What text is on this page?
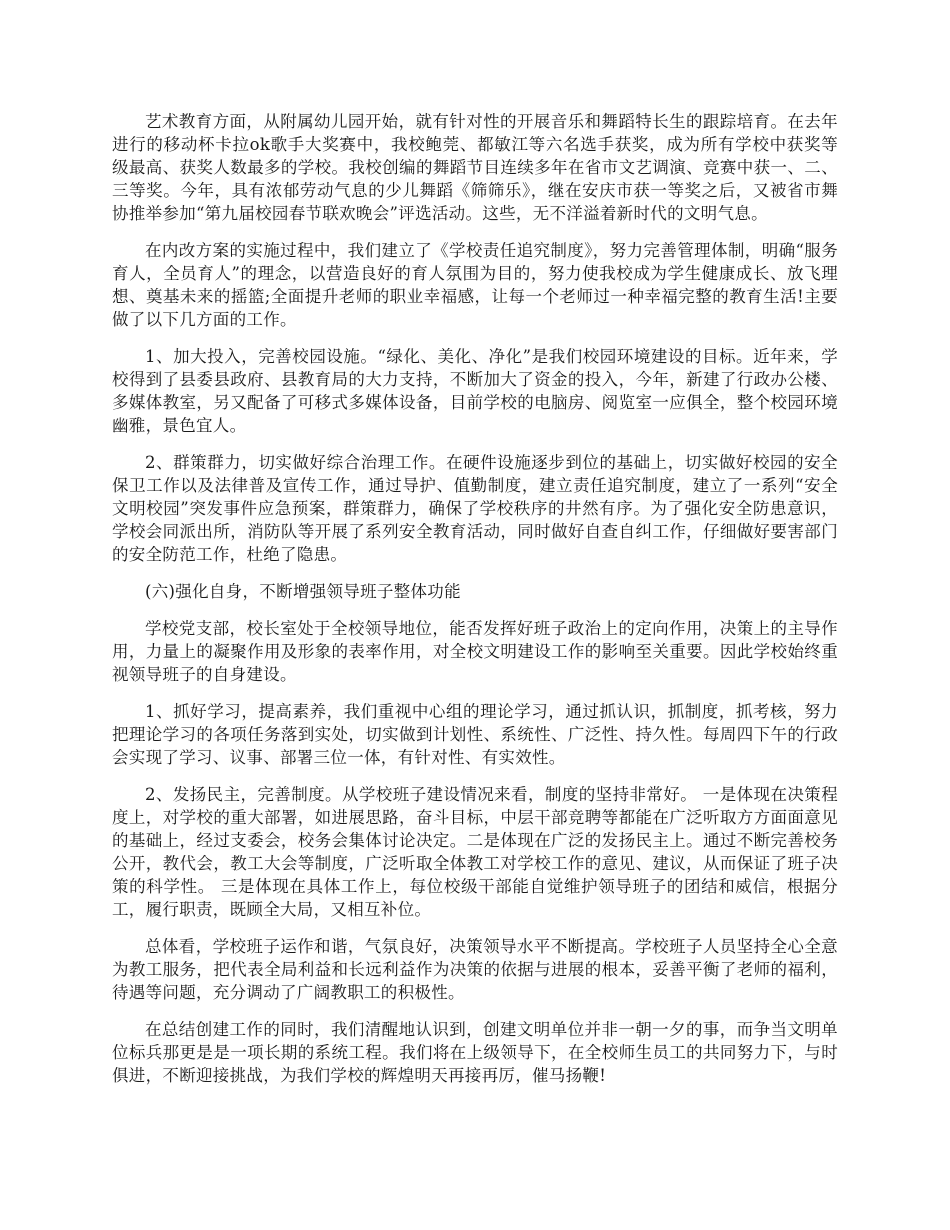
艺术教育方面，从附属幼儿园开始，就有针对性的开展音乐和舞蹈特长生的跟踪培育。在去年进行的移动杯卡拉ok歌手大奖赛中，我校鲍莞、都敏江等六名选手获奖，成为所有学校中获奖等级最高、获奖人数最多的学校。我校创编的舞蹈节目连续多年在省市文艺调演、竞赛中获一、二、三等奖。今年，具有浓郁劳动气息的少儿舞蹈《筛筛乐》，继在安庆市获一等奖之后，又被省市舞协推举参加“第九届校园春节联欢晚会”评选活动。这些，无不洋溢着新时代的文明气息。

在内改方案的实施过程中，我们建立了《学校责任追究制度》，努力完善管理体制，明确“服务育人，全员育人”的理念，以营造良好的育人氛围为目的，努力使我校成为学生健康成长、放飞理想、奠基未来的摇篮;全面提升老师的职业幸福感，让每一个老师过一种幸福完整的教育生活!主要做了以下几方面的工作。

1、加大投入，完善校园设施。“绿化、美化、净化”是我们校园环境建设的目标。近年来，学校得到了县委县政府、县教育局的大力支持，不断加大了资金的投入，今年，新建了行政办公楼、多媒体教室，另又配备了可移式多媒体设备，目前学校的电脑房、阅览室一应俱全，整个校园环境幽雅，景色宜人。

2、群策群力，切实做好综合治理工作。在硬件设施逐步到位的基础上，切实做好校园的安全保卫工作以及法律普及宣传工作，通过导护、值勤制度，建立责任追究制度，建立了一系列“安全文明校园”突发事件应急预案，群策群力，确保了学校秩序的井然有序。为了强化安全防患意识，学校会同派出所，消防队等开展了系列安全教育活动，同时做好自查自纠工作，仔细做好要害部门的安全防范工作，杜绝了隐患。

(六)强化自身，不断增强领导班子整体功能

学校党支部，校长室处于全校领导地位，能否发挥好班子政治上的定向作用，决策上的主导作用，力量上的凝聚作用及形象的表率作用，对全校文明建设工作的影响至关重要。因此学校始终重视领导班子的自身建设。

1、抓好学习，提高素养，我们重视中心组的理论学习，通过抓认识，抓制度，抓考核，努力把理论学习的各项任务落到实处，切实做到计划性、系统性、广泛性、持久性。每周四下午的行政会实现了学习、议事、部署三位一体，有针对性、有实效性。

2、发扬民主，完善制度。从学校班子建设情况来看，制度的坚持非常好。 一是体现在决策程度上，对学校的重大部署，如进展思路，奋斗目标，中层干部竞聘等都能在广泛听取方方面面意见的基础上，经过支委会，校务会集体讨论决定。二是体现在广泛的发扬民主上。通过不断完善校务公开，教代会，教工大会等制度，广泛听取全体教工对学校工作的意见、建议，从而保证了班子决策的科学性。 三是体现在具体工作上，每位校级干部能自觉维护领导班子的团结和威信，根据分工，履行职责，既顾全大局，又相互补位。

总体看，学校班子运作和谐，气氛良好，决策领导水平不断提高。学校班子人员坚持全心全意为教工服务，把代表全局利益和长远利益作为决策的依据与进展的根本，妥善平衡了老师的福利，待遇等问题，充分调动了广阔教职工的积极性。

在总结创建工作的同时，我们清醒地认识到，创建文明单位并非一朝一夕的事，而争当文明单位标兵那更是是一项长期的系统工程。我们将在上级领导下，在全校师生员工的共同努力下，与时俱进，不断迎接挑战，为我们学校的辉煌明天再接再厉，催马扬鞭!
